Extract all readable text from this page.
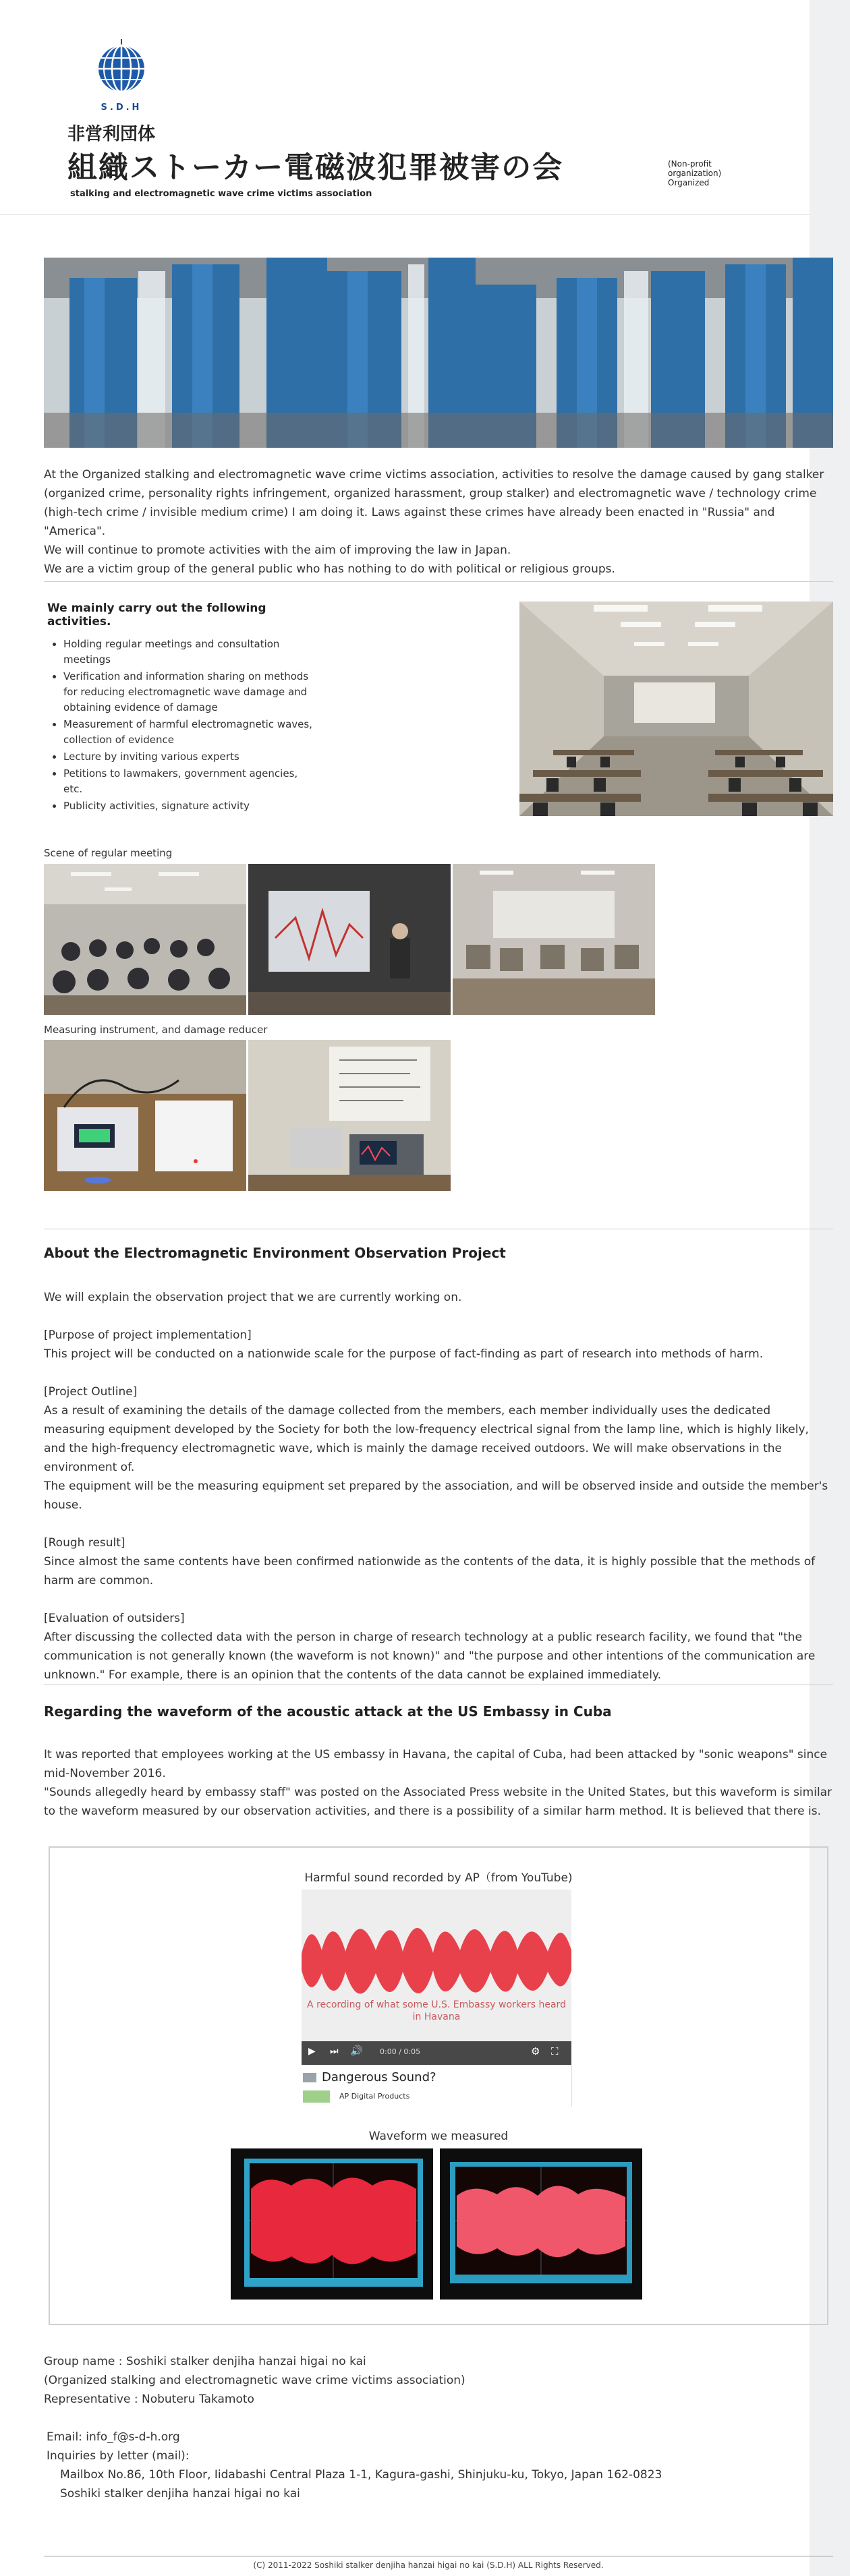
S.D.H
非営利団体
組織ストーカー電磁波犯罪被害の会	(Non-profit organization) Organized
stalking and electromagnetic wave crime victims association

At the Organized stalking and electromagnetic wave crime victims association, activities to resolve the damage caused by gang stalker (organized crime, personality rights infringement, organized harassment, group stalker) and electromagnetic wave / technology crime (high-tech crime / invisible medium crime) I am doing it. Laws against these crimes have already been enacted in "Russia" and "America".

We will continue to promote activities with the aim of improving the law in Japan.

We are a victim group of the general public who has nothing to do with political or religious groups.

We mainly carry out the following activities.
• Holding regular meetings and consultation meetings
• Verification and information sharing on methods for reducing electromagnetic wave damage and obtaining evidence of damage
• Measurement of harmful electromagnetic waves, collection of evidence
• Lecture by inviting various experts
• Petitions to lawmakers, government agencies, etc.
• Publicity activities, signature activity
Scene of regular meeting
Measuring instrument, and damage reducer
About the Electromagnetic Environment Observation Project

We will explain the observation project that we are currently working on.

[Purpose of project implementation]

This project will be conducted on a nationwide scale for the purpose of fact-finding as part of research into methods of harm.

[Project Outline]

As a result of examining the details of the damage collected from the members, each member individually uses the dedicated measuring equipment developed by the Society for both the low-frequency electrical signal from the lamp line, which is highly likely, and the high-frequency electromagnetic wave, which is mainly the damage received outdoors. We will make observations in the environment of.

The equipment will be the measuring equipment set prepared by the association, and will be observed inside and outside the member's house.

[Rough result]

Since almost the same contents have been confirmed nationwide as the contents of the data, it is highly possible that the methods of harm are common.

[Evaluation of outsiders]

After discussing the collected data with the person in charge of research technology at a public research facility, we found that "the communication is not generally known (the waveform is not known)" and "the purpose and other intentions of the communication are unknown." For example, there is an opinion that the contents of the data cannot be explained immediately.

Regarding the waveform of the acoustic attack at the US Embassy in Cuba

It was reported that employees working at the US embassy in Havana, the capital of Cuba, had been attacked by "sonic weapons" since mid-November 2016.

"Sounds allegedly heard by embassy staff" was posted on the Associated Press website in the United States, but this waveform is similar to the waveform measured by our observation activities, and there is a possibility of a similar harm method. It is believed that there is.

Harmful sound recorded by AP（from YouTube)
A recording of what some U.S. Embassy workers heard in Havana
▶ ⏭ 🔊 0:00 / 0:05	⚙ ⛶
Dangerous Sound?
AP Digital Products
Waveform we measured

Group name : Soshiki stalker denjiha hanzai higai no kai

(Organized stalking and electromagnetic wave crime victims association)

Representative : Nobuteru Takamoto

Email: info_f@s-d-h.org

Inquiries by letter (mail):

Mailbox No.86, 10th Floor, Iidabashi Central Plaza 1-1, Kagura-gashi, Shinjuku-ku, Tokyo, Japan 162-0823

Soshiki stalker denjiha hanzai higai no kai

(C) 2011-2022 Soshiki stalker denjiha hanzai higai no kai (S.D.H) ALL Rights Reserved.
